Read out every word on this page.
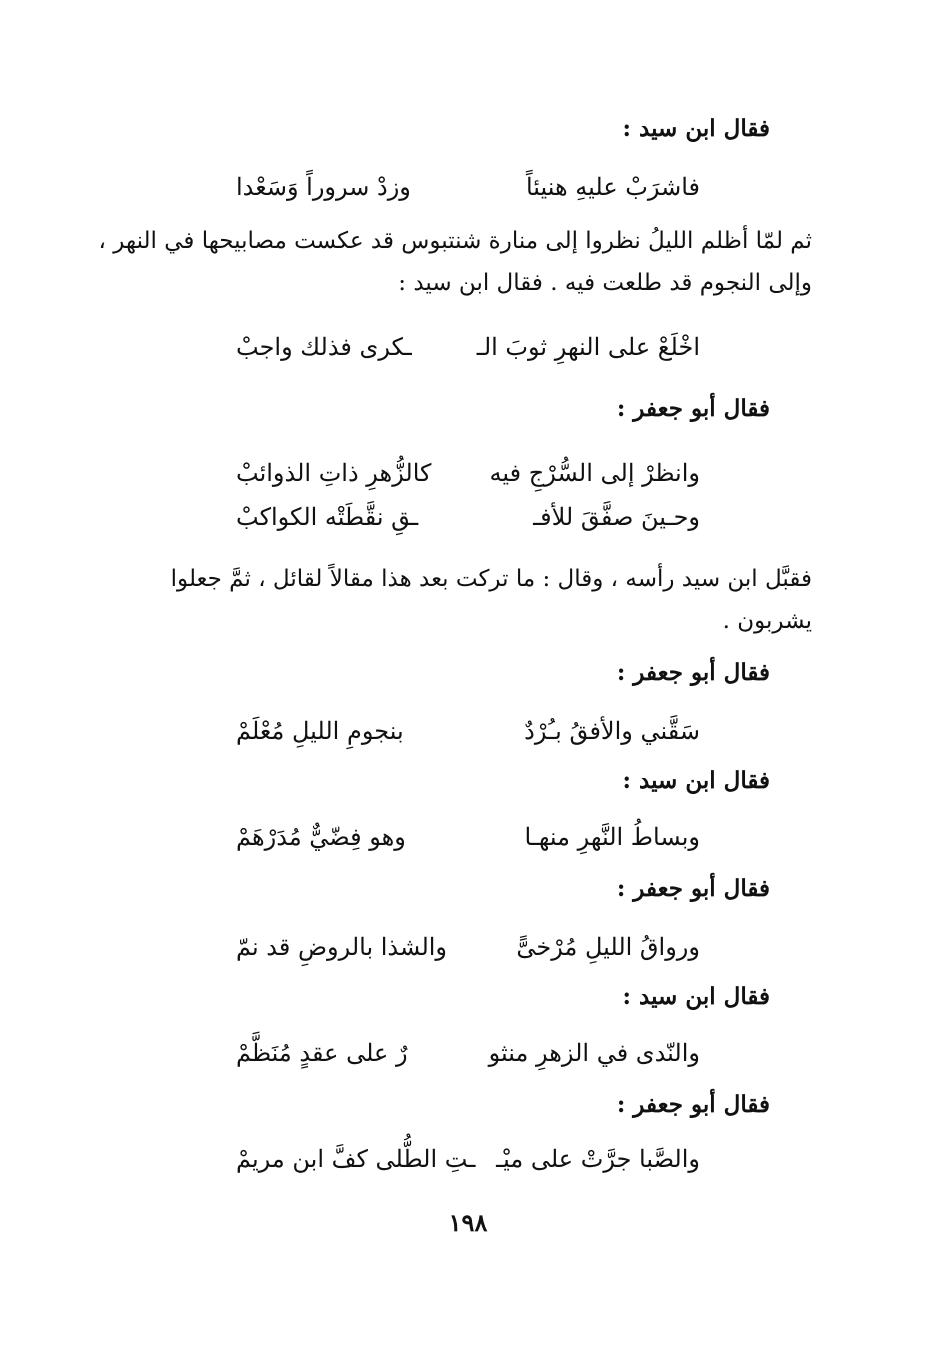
فقال ابن سيد :
فاشرَبْ عليهِ هنيئاً
وزدْ سروراً وَسَعْدا
ثم لمّا أظلم الليلُ نظروا إلى منارة شنتبوس قد عكست مصابيحها في النهر ،
وإلى النجوم قد طلعت فيه . فقال ابن سيد :
اخْلَعْ على النهرِ ثوبَ الـ
ـكرى فذلك واجبْ
فقال أبو جعفر :
وانظرْ إلى السُّرْجِ فيه
كالزُّهرِ ذاتِ الذوائبْ
وحـينَ صفَّقَ للأفـ
ـقِ نقَّطَتْه الكواكبْ
فقبَّل ابن سيد رأسه ، وقال : ما تركت بعد هذا مقالاً لقائل ، ثمَّ جعلوا
يشربون .
فقال أبو جعفر :
سَقَّني والأفقُ بـُرْدٌ
بنجومِ الليلِ مُعْلَمْ
فقال ابن سيد :
وبساطُ النَّهرِ منهـا
وهو فِضّيٌّ مُدَرْهَمْ
فقال أبو جعفر :
ورواقُ الليلِ مُرْخىًّ
والشذا بالروضِ قد نمّ
فقال ابن سيد :
والنّدى في الزهرِ منثو
رٌ على عقدٍ مُنَظَّمْ
فقال أبو جعفر :
والصَّبا جرَّتْ على ميْـ
ـتِ الطُّلى كفَّ ابن مريمْ
١٩٨
